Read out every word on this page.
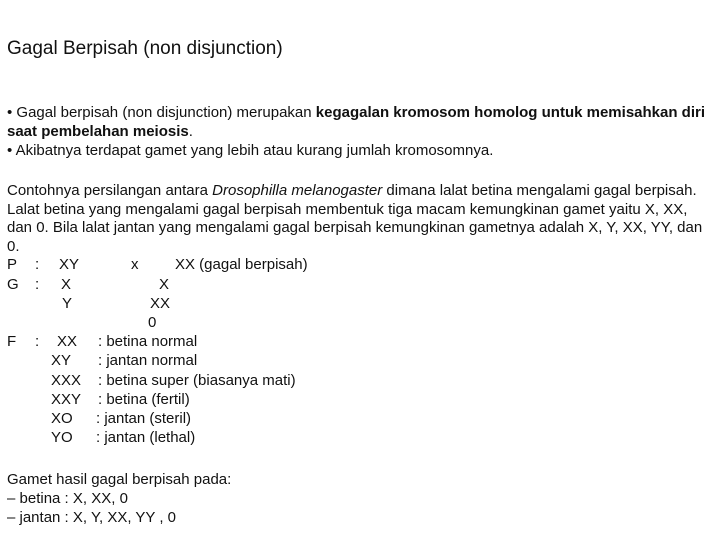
Gagal Berpisah (non disjunction)
• Gagal berpisah (non disjunction) merupakan kegagalan kromosom homolog untuk memisahkan diri saat pembelahan meiosis.
• Akibatnya terdapat gamet yang lebih atau kurang jumlah kromosomnya.

Contohnya persilangan antara Drosophilla melanogaster dimana lalat betina mengalami gagal berpisah. Lalat betina yang mengalami gagal berpisah membentuk tiga macam kemungkinan gamet yaitu X, XX, dan 0. Bila lalat jantan yang mengalami gagal berpisah kemungkinan gametnya adalah X, Y, XX, YY, dan 0.

P : XY	x XX (gagal berpisah)
G : X	X
Y	XX
0
F : XX : betina normal
XY : jantan normal
XXX : betina super (biasanya mati)
XXY : betina (fertil)
XO : jantan (steril)
YO : jantan (lethal)
Gamet hasil gagal berpisah pada:
– betina : X, XX, 0
– jantan : X, Y, XX, YY , 0
